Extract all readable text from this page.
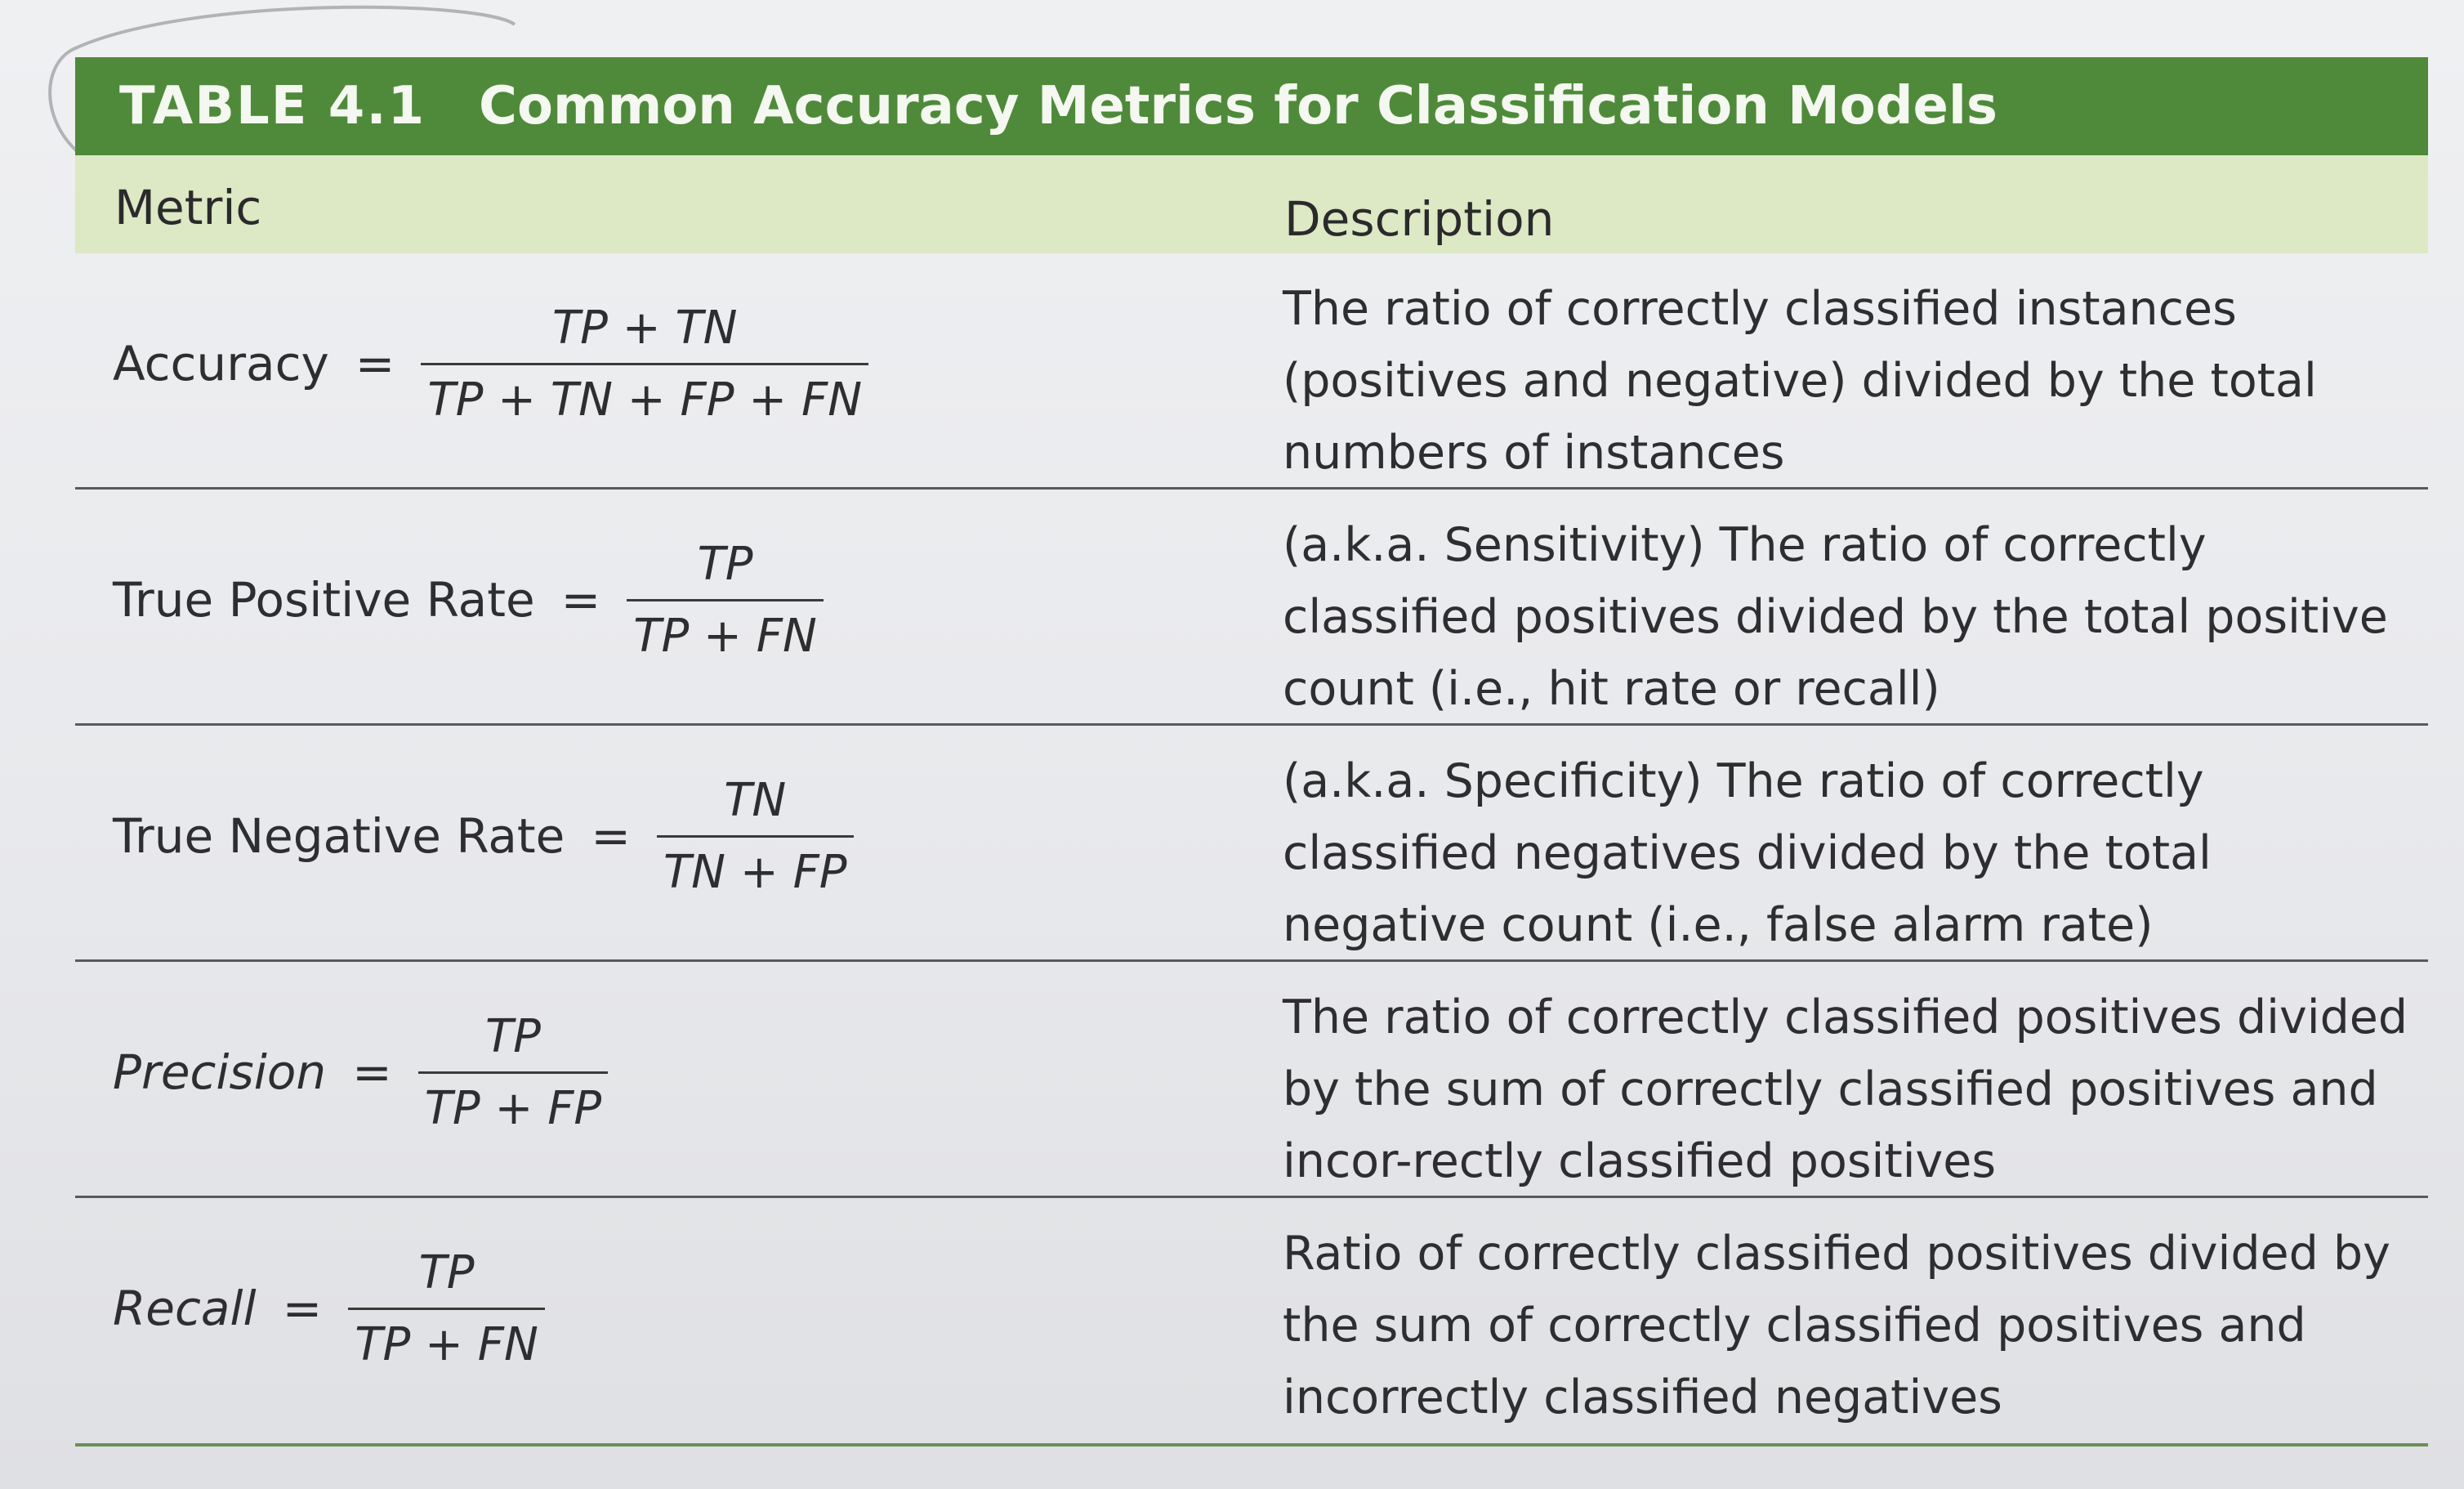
TABLE 4.1	Common Accuracy Metrics for Classification Models
Metric	Description
Accuracy = $\frac{TP + TN}{TP + TN + FP + FN}$	The ratio of correctly classified instances (positives and negative) divided by the total numbers of instances
True Positive Rate = $\frac{TP}{TP + FN}$	(a.k.a. Sensitivity) The ratio of correctly classified positives divided by the total positive count (i.e., hit rate or recall)
True Negative Rate = $\frac{TN}{TN + FP}$	(a.k.a. Specificity) The ratio of correctly classified negatives divided by the total negative count (i.e., false alarm rate)
Precision = $\frac{TP}{TP + FP}$	The ratio of correctly classified positives divided by the sum of correctly classified positives and incor-rectly classified positives
Recall = $\frac{TP}{TP + FN}$	Ratio of correctly classified positives divided by the sum of correctly classified positives and incorrectly classified negatives
